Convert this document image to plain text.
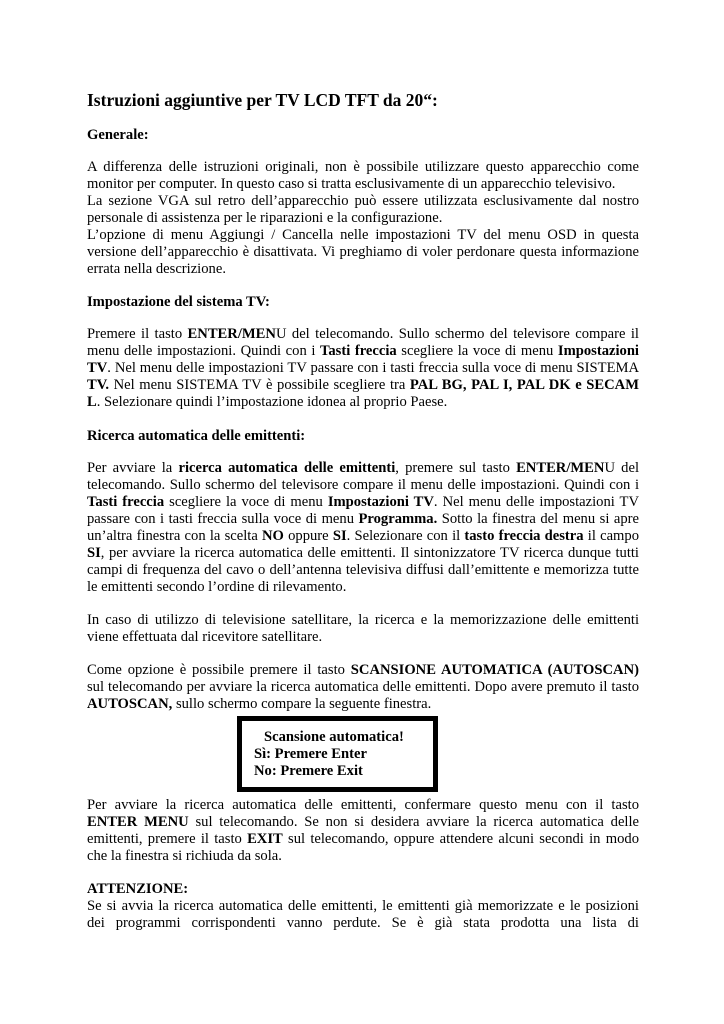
Istruzioni aggiuntive per TV LCD TFT da 20“:
Generale:
A differenza delle istruzioni originali, non è possibile utilizzare questo apparecchio come
monitor per computer. In questo caso si tratta esclusivamente di un apparecchio televisivo.
La sezione VGA sul retro dell’apparecchio può essere utilizzata esclusivamente dal nostro
personale di assistenza per le riparazioni e la configurazione.
L’opzione di menu Aggiungi / Cancella nelle impostazioni TV del menu OSD in questa
versione dell’apparecchio è disattivata. Vi preghiamo di voler perdonare questa informazione
errata nella descrizione.
Impostazione del sistema TV:
Premere il tasto ENTER/MENU del telecomando. Sullo schermo del televisore compare il
menu delle impostazioni. Quindi con i Tasti freccia scegliere la voce di menu Impostazioni
TV. Nel menu delle impostazioni TV passare con i tasti freccia sulla voce di menu SISTEMA
TV. Nel menu SISTEMA TV è possibile scegliere tra PAL BG, PAL I, PAL DK e SECAM
L. Selezionare quindi l’impostazione idonea al proprio Paese.
Ricerca automatica delle emittenti:
Per avviare la ricerca automatica delle emittenti, premere sul tasto ENTER/MENU del
telecomando. Sullo schermo del televisore compare il menu delle impostazioni. Quindi con i
Tasti freccia scegliere la voce di menu Impostazioni TV. Nel menu delle impostazioni TV
passare con i tasti freccia sulla voce di menu Programma. Sotto la finestra del menu si apre
un’altra finestra con la scelta NO oppure SI. Selezionare con il tasto freccia destra il campo
SI, per avviare la ricerca automatica delle emittenti. Il sintonizzatore TV ricerca dunque tutti
campi di frequenza del cavo o dell’antenna televisiva diffusi dall’emittente e memorizza tutte
le emittenti secondo l’ordine di rilevamento.
In caso di utilizzo di televisione satellitare, la ricerca e la memorizzazione delle emittenti
viene effettuata dal ricevitore satellitare.
Come opzione è possibile premere il tasto SCANSIONE AUTOMATICA (AUTOSCAN)
sul telecomando per avviare la ricerca automatica delle emittenti. Dopo avere premuto il tasto
AUTOSCAN, sullo schermo compare la seguente finestra.
Scansione automatica!
Sì: Premere Enter
No: Premere Exit
Per avviare la ricerca automatica delle emittenti, confermare questo menu con il tasto
ENTER MENU sul telecomando. Se non si desidera avviare la ricerca automatica delle
emittenti, premere il tasto EXIT sul telecomando, oppure attendere alcuni secondi in modo
che la finestra si richiuda da sola.
ATTENZIONE:
Se si avvia la ricerca automatica delle emittenti, le emittenti già memorizzate e le posizioni
dei programmi corrispondenti vanno perdute. Se è già stata prodotta una lista di
